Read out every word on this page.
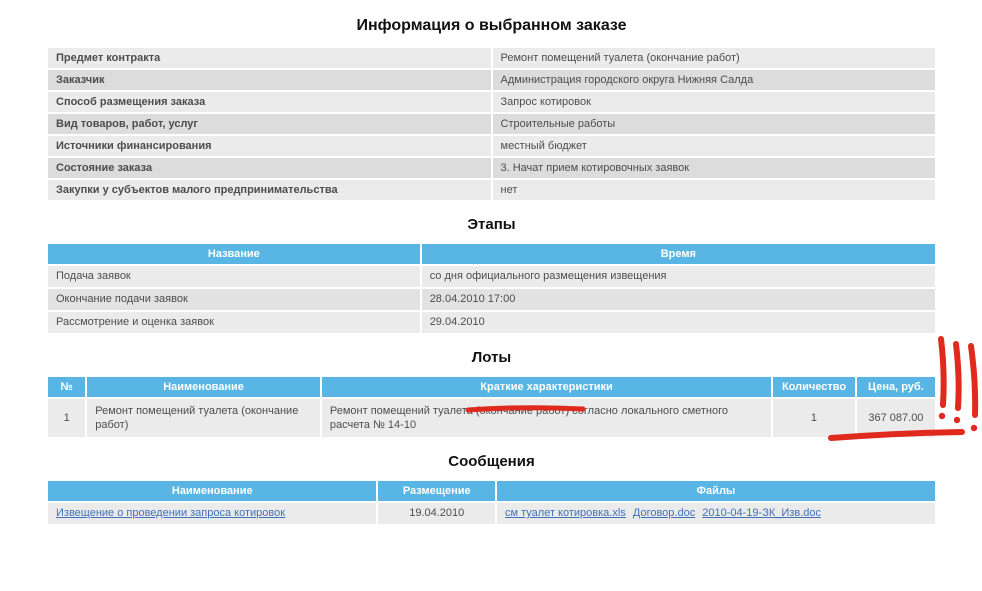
Информация о выбранном заказе
Предмет контракта	Ремонт помещений туалета (окончание работ)
Заказчик	Администрация городского округа Нижняя Салда
Способ размещения заказа	Запрос котировок
Вид товаров, работ, услуг	Строительные работы
Источники финансирования	местный бюджет
Состояние заказа	3. Начат прием котировочных заявок
Закупки у субъектов малого предпринимательства	нет
Этапы
Название	Время
Подача заявок	со дня официального размещения извещения
Окончание подачи заявок	28.04.2010 17:00
Рассмотрение и оценка заявок	29.04.2010
Лоты
№	Наименование	Краткие характеристики	Количество	Цена, руб.
1	Ремонт помещений туалета (окончание работ)	Ремонт помещений туалета (окончание работ) согласно локального сметного расчета № 14-10	1	367 087.00
Сообщения
Наименование	Размещение	Файлы
Извещение о проведении запроса котировок	19.04.2010	см туалет котировка.xls Договор.doc 2010-04-19-ЗК_Изв.doc
